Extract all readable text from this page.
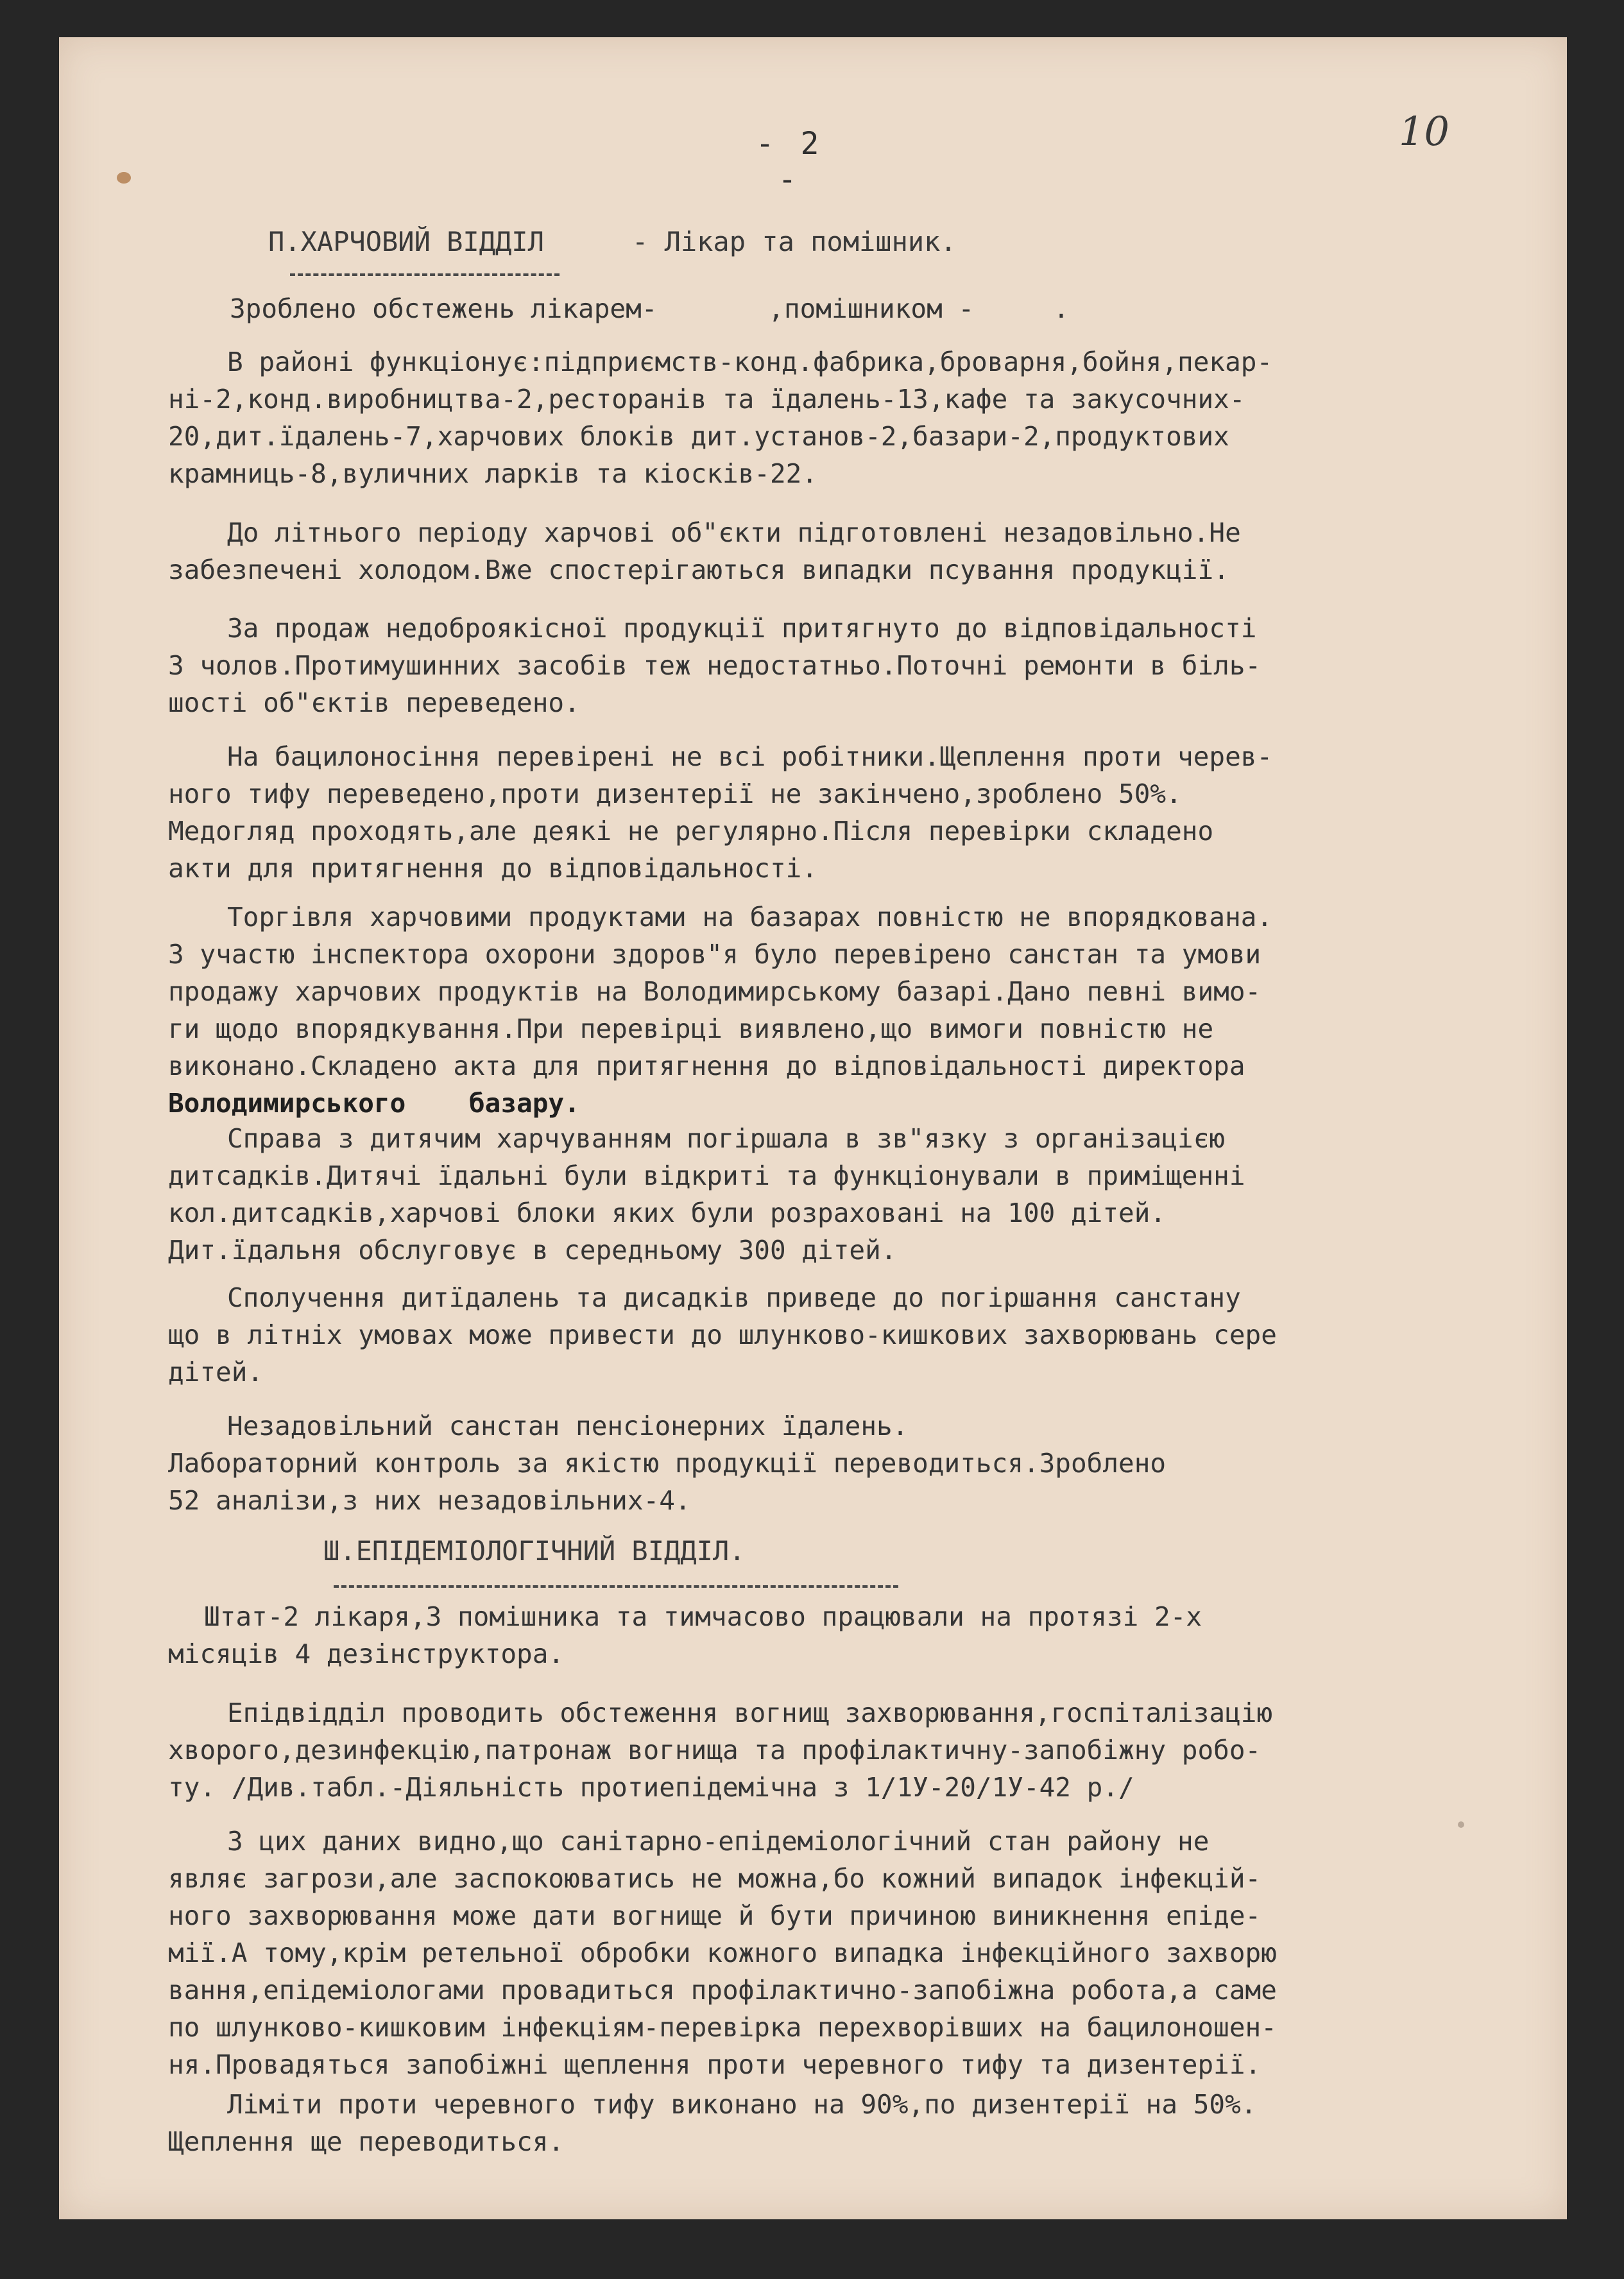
- 2 -
10
П.ХАРЧОВИЙ ВІДДІЛ	- Лікар та помішник.
Зроблено обстежень лікарем-       ,помішником -     .
В районі функціонує:підприємств-конд.фабрика,броварня,бойня,пекар-
ні-2,конд.виробництва-2,ресторанів та їдалень-13,кафе та закусочних-
20,дит.їдалень-7,харчових блоків дит.установ-2,базари-2,продуктових
крамниць-8,вуличних ларків та кіосків-22.
До літнього періоду харчові об"єкти підготовлені незадовільно.Не
забезпечені холодом.Вже спостерігаються випадки псування продукції.
За продаж недоброякісної продукції притягнуто до відповідальності
3 чолов.Протимушинних засобів теж недостатньо.Поточні ремонти в біль-
шості об"єктів переведено.
На бацилоносіння перевірені не всі робітники.Щеплення проти черев-
ного тифу переведено,проти дизентерії не закінчено,зроблено 50%.
Медогляд проходять,але деякі не регулярно.Після перевірки складено
акти для притягнення до відповідальності.
Торгівля харчовими продуктами на базарах повністю не впорядкована.
З участю інспектора охорони здоров"я було перевірено санстан та умови
продажу харчових продуктів на Володимирському базарі.Дано певні вимо-
ги щодо впорядкування.При перевірці виявлено,що вимоги повністю не
виконано.Складено акта для притягнення до відповідальності директора
Володимирського    базару.
Справа з дитячим харчуванням погіршала в зв"язку з організацією
дитсадків.Дитячі їдальні були відкриті та функціонували в приміщенні
кол.дитсадків,харчові блоки яких були розраховані на 100 дітей.
Дит.їдальня обслуговує в середньому 300 дітей.
Сполучення дитїдалень та дисадків приведе до погіршання санстану
що в літніх умовах може привести до шлунково-кишкових захворювань сере
дітей.
Незадовільний санстан пенсіонерних їдалень.
Лабораторний контроль за якістю продукції переводиться.Зроблено
52 аналізи,з них незадовільних-4.
Ш.ЕПІДЕМІОЛОГІЧНИЙ ВІДДІЛ.
Штат-2 лікаря,3 помішника та тимчасово працювали на протязі 2-х
місяців 4 дезінструктора.
Епідвідділ проводить обстеження вогнищ захворювання,госпіталізацію
хворого,дезинфекцію,патронаж вогнища та профілактичну-запобіжну робо-
ту. /Див.табл.-Діяльність протиепідемічна з 1/1У-20/1У-42 р./
З цих даних видно,що санітарно-епідеміологічний стан району не
являє загрози,але заспокоюватись не можна,бо кожний випадок інфекцій-
ного захворювання може дати вогнище й бути причиною виникнення епіде-
мії.А тому,крім ретельної обробки кожного випадка інфекційного захворю
вання,епідеміологами провадиться профілактично-запобіжна робота,а саме
по шлунково-кишковим інфекціям-перевірка перехворівших на бацилоношен-
ня.Провадяться запобіжні щеплення проти черевного тифу та дизентерії.
Ліміти проти черевного тифу виконано на 90%,по дизентерії на 50%.
Щеплення ще переводиться.
